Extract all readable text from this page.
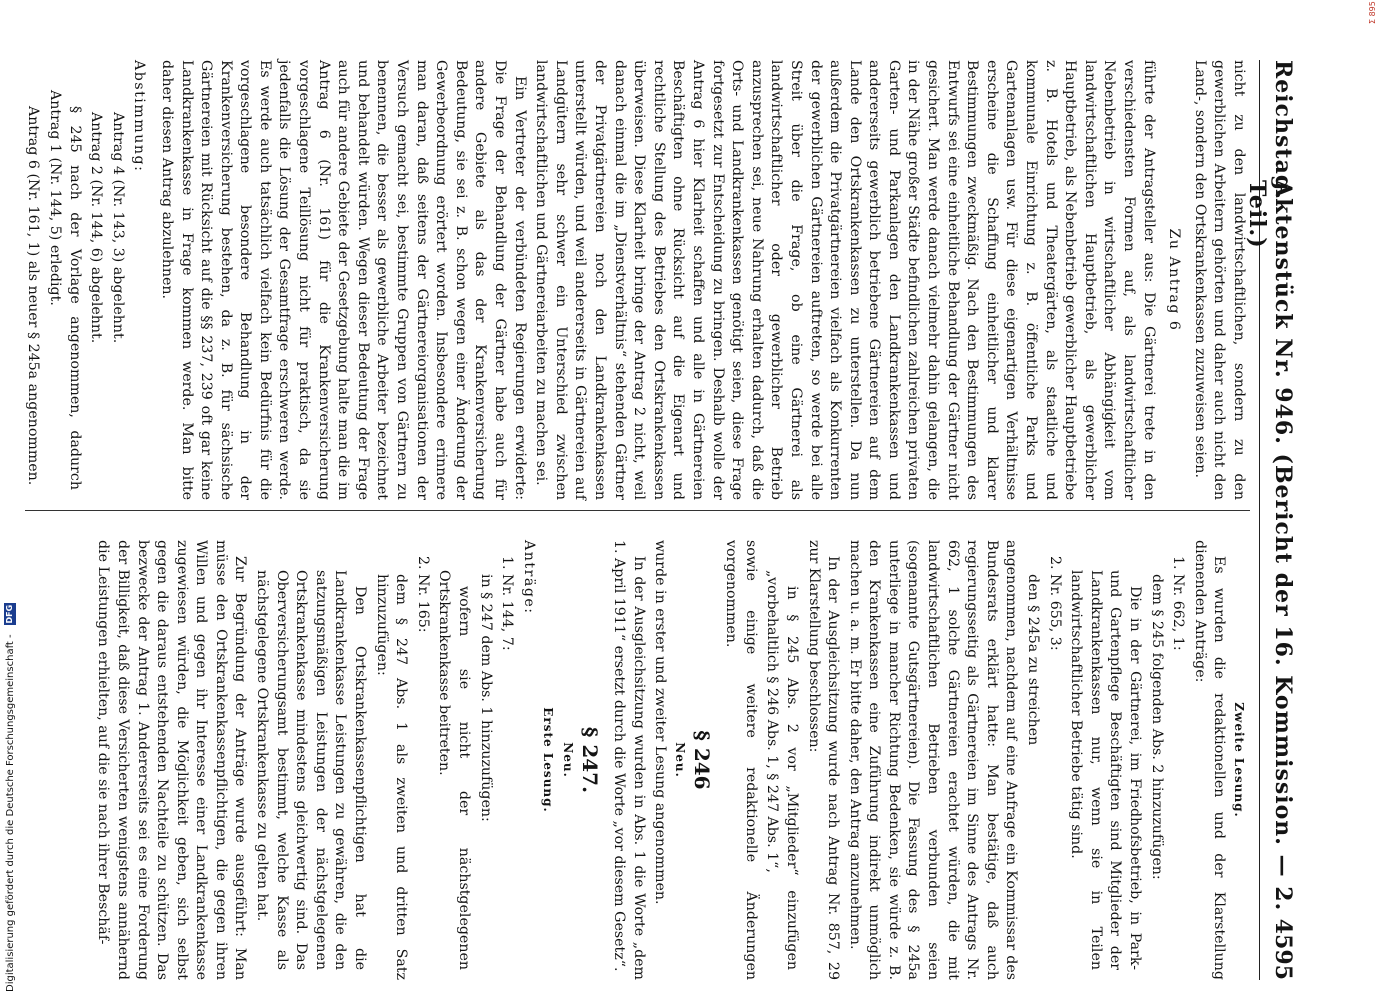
Reichstag.
Aktenstück Nr. 946. (Bericht der 16. Kommission. — 2. Teil.)
4595

nicht zu den landwirtschaftlichen, sondern zu den gewerblichen Arbeitern gehörten und daher auch nicht den Land-, sondern den Ortskrankenkassen zuzuweisen seien.

Zu Antrag 6

führte der Antragsteller aus: Die Gärtnerei trete in den verschiedensten Formen auf, als landwirtschaftlicher Nebenbetrieb in wirtschaftlicher Abhängigkeit vom landwirtschaftlichen Hauptbetrieb, als gewerblicher Hauptbetrieb, als Nebenbetrieb gewerblicher Hauptbetriebe z. B. Hotels und Theatergärten, als staatliche und kommunale Einrichtung z. B. öffentliche Parks und Gartenanlagen usw. Für diese eigenartigen Verhältnisse erscheine die Schaffung einheitlicher und klarer Bestimmungen zweckmäßig. Nach den Bestimmungen des Entwurfs sei eine einheitliche Behandlung der Gärtner nicht gesichert. Man werde danach vielmehr dahin gelangen, die in der Nähe großer Städte befindlichen zahlreichen privaten Garten- und Parkanlagen den Landkrankenkassen und andererseits gewerblich betriebene Gärtnereien auf dem Lande den Ortskrankenkassen zu unterstellen. Da nun außerdem die Privatgärtnereien vielfach als Konkurrenten der gewerblichen Gärtnereien auftreten, so werde bei alle Streit über die Frage, ob eine Gärtnerei als landwirtschaftlicher oder gewerblicher Betrieb anzusprechen sei, neue Nahrung erhalten dadurch, daß die Orts- und Landkrankenkassen genötigt seien, diese Frage fortgesetzt zur Entscheidung zu bringen. Deshalb wolle der Antrag 6 hier Klarheit schaffen und alle in Gärtnereien Beschäftigten ohne Rücksicht auf die Eigenart und rechtliche Stellung des Betriebes den Ortskrankenkassen überweisen. Diese Klarheit bringe der Antrag 2 nicht, weil danach einmal die im „Dienstverhältnis“ stehenden Gärtner der Privatgärtnereien noch den Landkrankenkassen unterstellt würden, und weil andererseits in Gärtnereien auf Landgütern sehr schwer ein Unterschied zwischen landwirtschaftlichen und Gärtnereiarbeiten zu machen sei.

Ein Vertreter der verbündeten Regierungen erwiderte: Die Frage der Behandlung der Gärtner habe auch für andere Gebiete als das der Krankenversicherung Bedeutung, sie sei z. B. schon wegen einer Änderung der Gewerbeordnung erörtert worden. Insbesondere erinnere man daran, daß seitens der Gärtnereiorganisationen der Versuch gemacht sei, bestimmte Gruppen von Gärtnern zu benennen, die besser als gewerbliche Arbeiter bezeichnet und behandelt würden. Wegen dieser Bedeutung der Frage auch für andere Gebiete der Gesetzgebung halte man die im Antrag 6 (Nr. 161) für die Krankenversicherung vorgeschlagene Teillösung nicht für praktisch, da sie jedenfalls die Lösung der Gesamtfrage erschweren werde. Es werde auch tatsächlich vielfach kein Bedürfnis für die vorgeschlagene besondere Behandlung in der Krankenversicherung bestehen, da z. B. für sächsische Gärtnereien mit Rücksicht auf die §§ 237, 239 oft gar keine Landkrankenkasse in Frage kommen werde. Man bitte daher diesen Antrag abzulehnen.

Abstimmung:

Antrag 4 (Nr. 143, 3) abgelehnt.

Antrag 2 (Nr. 144, 6) abgelehnt.

§ 245 nach der Vorlage angenommen, dadurch Antrag 1 (Nr. 144, 5) erledigt.

Antrag 6 (Nr. 161, 1) als neuer § 245a angenommen.

Zweite Lesung.

Es wurden die redaktionellen und der Klarstellung dienenden Anträge:

1. Nr. 662, 1:

dem § 245 folgenden Abs. 2 hinzuzufügen:

Die in der Gärtnerei, im Friedhofsbetrieb, in Park- und Gartenpflege Beschäftigten sind Mitglieder der Landkrankenkassen nur, wenn sie in Teilen landwirtschaftlicher Betriebe tätig sind.

2. Nr. 655, 3:

den § 245a zu streichen

angenommen, nachdem auf eine Anfrage ein Kommissar des Bundesrats erklärt hatte: Man bestätige, daß auch regierungsseitig als Gärtnereien im Sinne des Antrags Nr. 662, 1 solche Gärtnereien erachtet würden, die mit landwirtschaftlichen Betrieben verbunden seien (sogenannte Gutsgärtnereien). Die Fassung des § 245a unterliege in mancher Richtung Bedenken, sie würde z. B. den Krankenkassen eine Zuführung indirekt unmöglich machen u. a. m. Er bitte daher, den Antrag anzunehmen.

In der Ausgleichsitzung wurde nach Antrag Nr. 857, 29 zur Klarstellung beschlossen:

in § 245 Abs. 2 vor „Mitglieder“ einzufügen „vorbehaltlich § 246 Abs. 1, § 247 Abs. 1“,

sowie einige weitere redaktionelle Änderungen vorgenommen.

§ 246

Neu.

wurde in erster und zweiter Lesung angenommen.

In der Ausgleichsitzung wurden in Abs. 1 die Worte „dem 1. April 1911“ ersetzt durch die Worte „vor diesem Gesetz“.

§ 247.

Neu.

Erste Lesung.

Anträge:

1. Nr. 144, 7:

in § 247 dem Abs. 1 hinzuzufügen:

wofern sie nicht der nächstgelegenen Ortskrankenkasse beitreten.

2. Nr. 165:

dem § 247 Abs. 1 als zweiten und dritten Satz hinzuzufügen:

Den Ortskrankenkassenpflichtigen hat die Landkrankenkasse Leistungen zu gewähren, die den satzungsmäßigen Leistungen der nächstgelegenen Ortskrankenkasse mindestens gleichwertig sind. Das Oberversicherungsamt bestimmt, welche Kasse als nächstgelegene Ortskrankenkasse zu gelten hat.

Zur Begründung der Anträge wurde ausgeführt: Man müsse den Ortskrankenkassenpflichtigen, die gegen ihren Willen und gegen ihr Interesse einer Landkrankenkasse zugewiesen würden, die Möglichkeit geben, sich selbst gegen die daraus entstehenden Nachteile zu schützen. Das bezwecke der Antrag 1. Andererseits sei es eine Forderung der Billigkeit, daß diese Versicherten wenigstens annähernd die Leistungen erhielten, auf die sie nach ihrer Beschäf-

Digitalisierung gefördert durch die Deutsche Forschungsgemeinschaft - DFG
Σ 895
